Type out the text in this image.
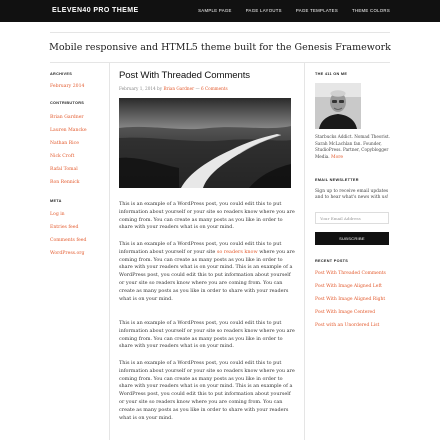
ELEVEN40 PRO THEME	SAMPLE PAGE	PAGE LAYOUTS	PAGE TEMPLATES	THEME COLORS
Mobile responsive and HTML5 theme built for the Genesis Framework
ARCHIVES
February 2014
CONTRIBUTORS
Brian Gardner
Lauren Mancke
Nathan Rice
Nick Croft
Rafal Tomal
Ron Rennick
META
Log in
Entries feed
Comments feed
WordPress.org
Post With Threaded Comments
February 1, 2014 by Brian Gardner — 6 Comments
This is an example of a WordPress post, you could edit this to put information about yourself or your site so readers know where you are coming from. You can create as many posts as you like in order to share with your readers what is on your mind.
This is an example of a WordPress post, you could edit this to put information about yourself or your site so readers know where you are coming from. You can create as many posts as you like in order to share with your readers what is on your mind. This is an example of a WordPress post, you could edit this to put information about yourself or your site so readers know where you are coming from. You can create as many posts as you like in order to share with your readers what is on your mind.
This is an example of a WordPress post, you could edit this to put information about yourself or your site so readers know where you are coming from. You can create as many posts as you like in order to share with your readers what is on your mind.
This is an example of a WordPress post, you could edit this to put information about yourself or your site so readers know where you are coming from. You can create as many posts as you like in order to share with your readers what is on your mind. This is an example of a WordPress post, you could edit this to put information about yourself or your site so readers know where you are coming from. You can create as many posts as you like in order to share with your readers what is on your mind.
THE 411 ON ME
Starbucks Addict. Nomad Theorist. Sarah McLachlan fan. Founder, StudioPress. Partner, Copyblogger Media. More
EMAIL NEWSLETTER
Sign up to receive email updates and to hear what's news with us!
Your Email Address
SUBSCRIBE
RECENT POSTS
Post With Threaded Comments
Post With Image Aligned Left
Post With Image Aligned Right
Post With Image Centered
Post with an Unordered List
